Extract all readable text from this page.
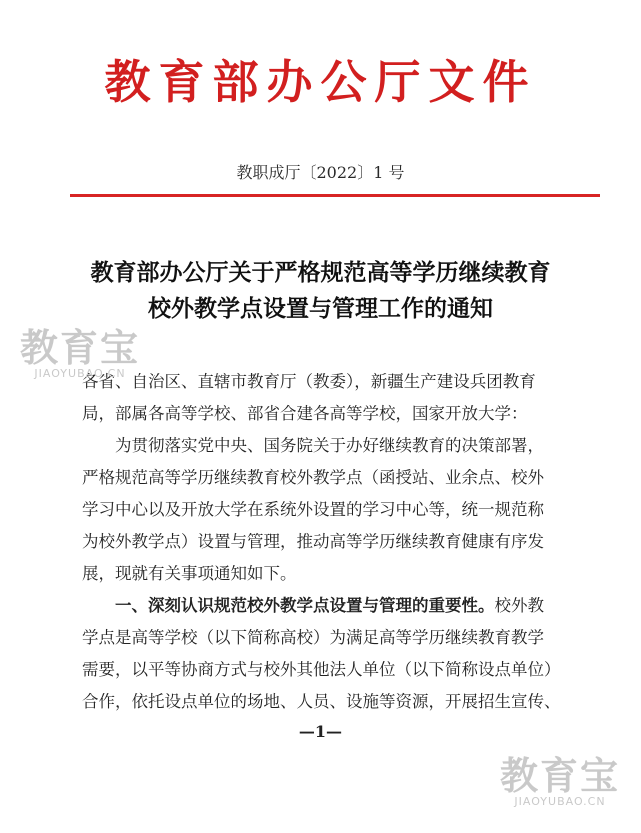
教育部办公厅文件
教职成厅〔2022〕1 号
教育部办公厅关于严格规范高等学历继续教育
校外教学点设置与管理工作的通知
各省、自治区、直辖市教育厅（教委），新疆生产建设兵团教育
局，部属各高等学校、部省合建各高等学校，国家开放大学：
为贯彻落实党中央、国务院关于办好继续教育的决策部署，
严格规范高等学历继续教育校外教学点（函授站、业余点、校外
学习中心以及开放大学在系统外设置的学习中心等，统一规范称
为校外教学点）设置与管理，推动高等学历继续教育健康有序发
展，现就有关事项通知如下。
一、深刻认识规范校外教学点设置与管理的重要性。校外教
学点是高等学校（以下简称高校）为满足高等学历继续教育教学
需要，以平等协商方式与校外其他法人单位（以下简称设点单位）
合作，依托设点单位的场地、人员、设施等资源，开展招生宣传、
—1—
教育宝
JIAOYUBAO.CN
教育宝
JIAOYUBAO.CN
